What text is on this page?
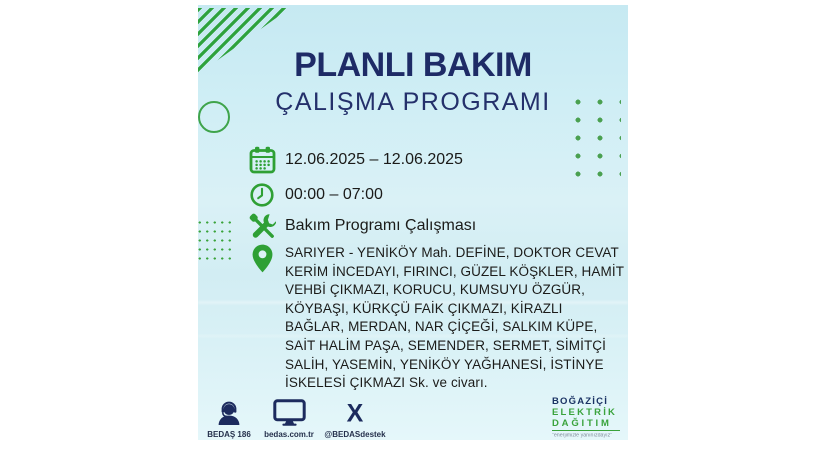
PLANLI BAKIM
ÇALIŞMA PROGRAMI
12.06.2025 – 12.06.2025
00:00 – 07:00
Bakım Programı Çalışması
SARIYER - YENİKÖY Mah. DEFİNE, DOKTOR CEVAT KERİM İNCEDAYI, FIRINCI, GÜZEL KÖŞKLER, HAMİT VEHBİ ÇIKMAZI, KORUCU, KUMSUYU ÖZGÜR, KÖYBAŞI, KÜRKÇÜ FAİK ÇIKMAZI, KİRAZLI BAĞLAR, MERDAN, NAR ÇİÇEĞİ, SALKIM KÜPE, SAİT HALİM PAŞA, SEMENDER, SERMET, SİMİTÇİ SALİH, YASEMİN, YENİKÖY YAĞHANESİ, İSTİNYE İSKELESİ ÇIKMAZI Sk. ve civarı.
BEDAŞ 186	bedas.com.tr
X
@BEDASdestek
BOĞAZİÇİ
ELEKTRİK
DAĞITIM
"enerjimizle yanınızdayız"
